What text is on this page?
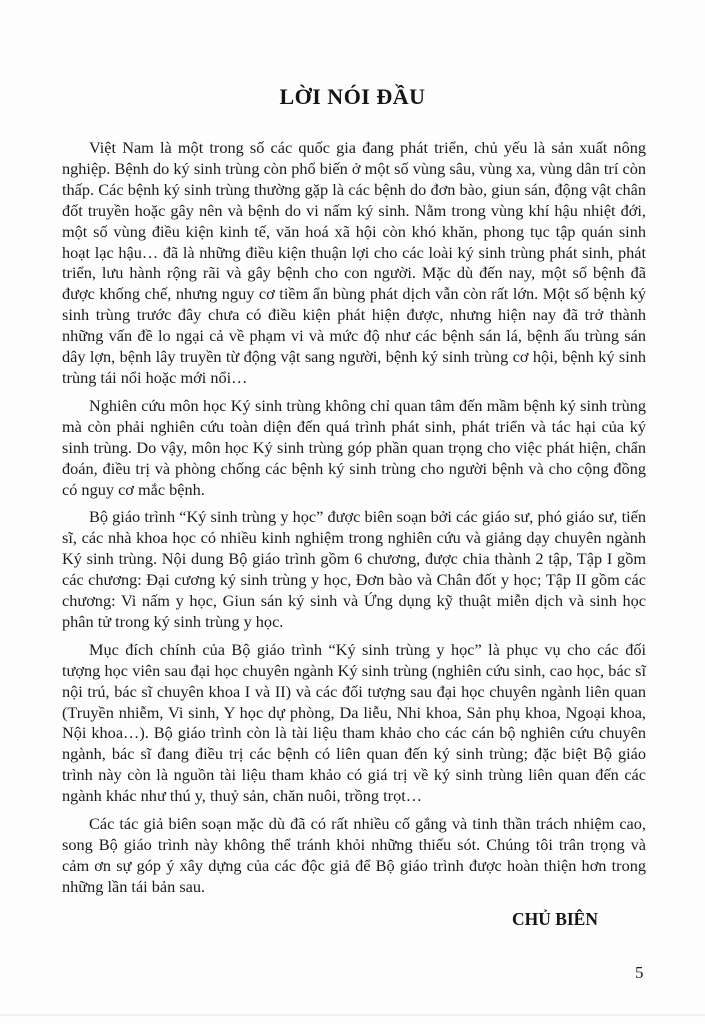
LỜI NÓI ĐẦU

Việt Nam là một trong số các quốc gia đang phát triển, chủ yếu là sản xuất nông nghiệp. Bệnh do ký sinh trùng còn phổ biến ở một số vùng sâu, vùng xa, vùng dân trí còn thấp. Các bệnh ký sinh trùng thường gặp là các bệnh do đơn bào, giun sán, động vật chân đốt truyền hoặc gây nên và bệnh do vi nấm ký sinh. Nằm trong vùng khí hậu nhiệt đới, một số vùng điều kiện kinh tế, văn hoá xã hội còn khó khăn, phong tục tập quán sinh hoạt lạc hậu… đã là những điều kiện thuận lợi cho các loài ký sinh trùng phát sinh, phát triển, lưu hành rộng rãi và gây bệnh cho con người. Mặc dù đến nay, một số bệnh đã được khống chế, nhưng nguy cơ tiềm ẩn bùng phát dịch vẫn còn rất lớn. Một số bệnh ký sinh trùng trước đây chưa có điều kiện phát hiện được, nhưng hiện nay đã trở thành những vấn đề lo ngại cả về phạm vi và mức độ như các bệnh sán lá, bệnh ấu trùng sán dây lợn, bệnh lây truyền từ động vật sang người, bệnh ký sinh trùng cơ hội, bệnh ký sinh trùng tái nổi hoặc mới nổi…

Nghiên cứu môn học Ký sinh trùng không chỉ quan tâm đến mầm bệnh ký sinh trùng mà còn phải nghiên cứu toàn diện đến quá trình phát sinh, phát triển và tác hại của ký sinh trùng. Do vậy, môn học Ký sinh trùng góp phần quan trọng cho việc phát hiện, chẩn đoán, điều trị và phòng chống các bệnh ký sinh trùng cho người bệnh và cho cộng đồng có nguy cơ mắc bệnh.

Bộ giáo trình “Ký sinh trùng y học” được biên soạn bởi các giáo sư, phó giáo sư, tiến sĩ, các nhà khoa học có nhiều kinh nghiệm trong nghiên cứu và giảng dạy chuyên ngành Ký sinh trùng. Nội dung Bộ giáo trình gồm 6 chương, được chia thành 2 tập, Tập I gồm các chương: Đại cương ký sinh trùng y học, Đơn bào và Chân đốt y học; Tập II gồm các chương: Vi nấm y học, Giun sán ký sinh và Ứng dụng kỹ thuật miễn dịch và sinh học phân tử trong ký sinh trùng y học.

Mục đích chính của Bộ giáo trình “Ký sinh trùng y học” là phục vụ cho các đối tượng học viên sau đại học chuyên ngành Ký sinh trùng (nghiên cứu sinh, cao học, bác sĩ nội trú, bác sĩ chuyên khoa I và II) và các đối tượng sau đại học chuyên ngành liên quan (Truyền nhiễm, Vi sinh, Y học dự phòng, Da liễu, Nhi khoa, Sản phụ khoa, Ngoại khoa, Nội khoa…). Bộ giáo trình còn là tài liệu tham khảo cho các cán bộ nghiên cứu chuyên ngành, bác sĩ đang điều trị các bệnh có liên quan đến ký sinh trùng; đặc biệt Bộ giáo trình này còn là nguồn tài liệu tham khảo có giá trị về ký sinh trùng liên quan đến các ngành khác như thú y, thuỷ sản, chăn nuôi, trồng trọt…

Các tác giả biên soạn mặc dù đã có rất nhiều cố gắng và tinh thần trách nhiệm cao, song Bộ giáo trình này không thể tránh khỏi những thiếu sót. Chúng tôi trân trọng và cảm ơn sự góp ý xây dựng của các độc giả để Bộ giáo trình được hoàn thiện hơn trong những lần tái bản sau.

CHỦ BIÊN
5
